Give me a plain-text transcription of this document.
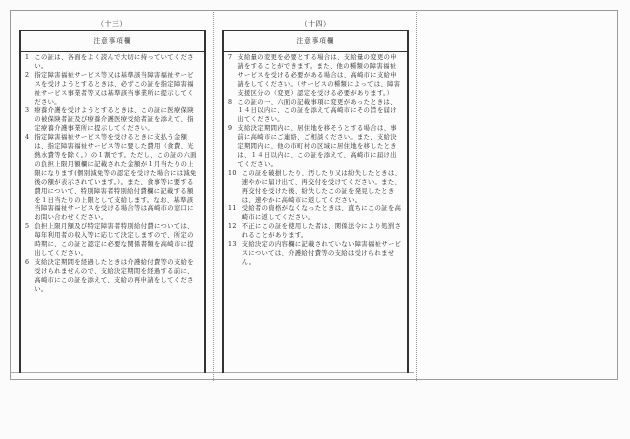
（十三）
注意事項欄
1 この証は、各面をよく読んで大切に持っていてください。
2 指定障害福祉サービス等又は基準該当障害福祉サービスを受けようとするときは、必ずこの証を指定障害福祉サービス事業者等又は基準該当事業所に提示してください。
3 療養介護を受けようとするときは、この証に医療保険の被保険者証及び療養介護医療受給者証を添えて、指定療養介護事業所に提示してください。
4 指定障害福祉サービス等を受けるときに支払う金額は、指定障害福祉サービス等に要した費用（食費、光熱水費等を除く。）の１割です。ただし、この証の六面の負担上限月額欄に記載された金額が１月当たりの上限になります(個別減免等の認定を受けた場合には減免後の額が表示されています。）。また、食事等に要する費用について、特別障害者特別給付費欄に記載する額を１日当たりの上限として支給します。なお、基準該当障害福祉サービスを受ける場合等は高崎市の窓口にお問い合わせください。
5 負担上限月額及び特定障害者特別給付費については、毎年利用者の収入等に応じて決定しますので、所定の時期に、この証と認定に必要な関係書類を高崎市に提出してください。
6 支給決定期間を経過したときは介護給付費等の支給を受けられませんので、支給決定期間を経過する前に、高崎市にこの証を添えて、支給の再申請をしてください。
（十四）
注意事項欄
7 支給量の変更を必要とする場合は、支給量の変更の申請をすることができます。また、他の種類の障害福祉サービスを受ける必要がある場合は、高崎市に支給申請をしてください。（サービスの種類によっては、障害支援区分の（変更）認定を受ける必要があります。）
8 この証の一、六面の記載事項に変更があったときは、１４日以内に、この証を添えて高崎市にその旨を届け出てください。
9 支給決定期間内に、居住地を移そうとする場合は、事前に高崎市にご連絡、ご相談ください。また、支給決定期間内に、他の市町村の区域に居住地を移したときは、１４日以内に、この証を添えて、高崎市に届け出てください。
10 この証を破損したり、汚したり又は紛失したときは、速やかに届け出て、再交付を受けてください。また、再交付を受けた後、紛失したこの証を発見したときは、速やかに高崎市に返してください。
11 受給者の資格がなくなったときは、直ちにこの証を高崎市に返してください。
12 不正にこの証を使用した者は、関係法令により処罰されることがあります。
13 支給決定の内容欄に記載されていない障害福祉サービスについては、介護給付費等の支給は受けられません。
